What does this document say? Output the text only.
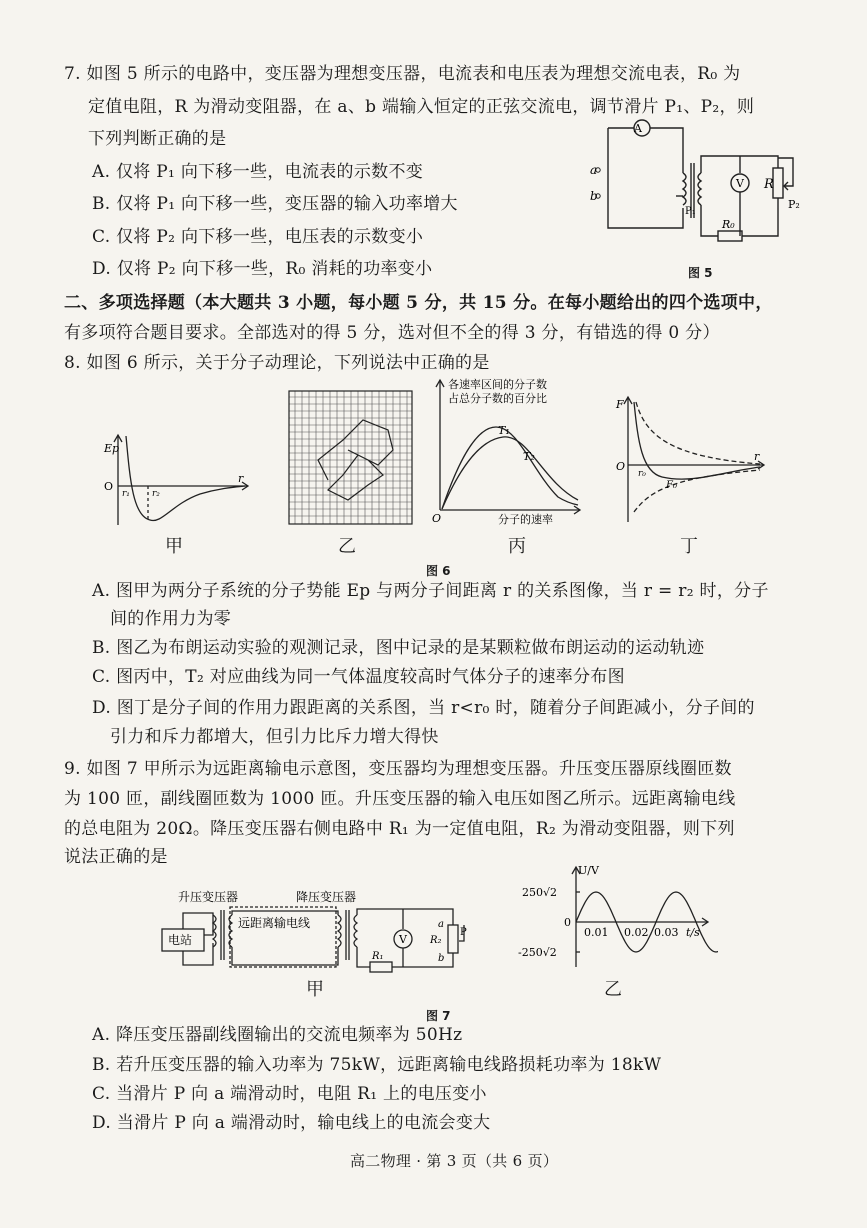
7. 如图 5 所示的电路中，变压器为理想变压器，电流表和电压表为理想交流电表，R₀ 为
定值电阻，R 为滑动变阻器，在 a、b 端输入恒定的正弦交流电，调节滑片 P₁、P₂，则
下列判断正确的是
A. 仅将 P₁ 向下移一些，电流表的示数不变
B. 仅将 P₁ 向下移一些，变压器的输入功率增大
C. 仅将 P₂ 向下移一些，电压表的示数变小
D. 仅将 P₂ 向下移一些，R₀ 消耗的功率变小
A
V
a
b
R
P₂
P₁
R₀
图 5
二、多项选择题（本大题共 3 小题，每小题 5 分，共 15 分。在每小题给出的四个选项中，
有多项符合题目要求。全部选对的得 5 分，选对但不全的得 3 分，有错选的得 0 分）
8. 如图 6 所示，关于分子动理论，下列说法中正确的是
Ep
O
r₁ r₂
r
甲	乙
各速率区间的分子数
占总分子数的百分比
T₁
T₂
O	分子的速率
丙
F
O
r₀
F₀
r
丁
图 6
A. 图甲为两分子系统的分子势能 Ep 与两分子间距离 r 的关系图像，当 r = r₂ 时，分子
间的作用力为零
B. 图乙为布朗运动实验的观测记录，图中记录的是某颗粒做布朗运动的运动轨迹
C. 图丙中，T₂ 对应曲线为同一气体温度较高时气体分子的速率分布图
D. 图丁是分子间的作用力跟距离的关系图，当 r<r₀ 时，随着分子间距减小，分子间的
引力和斥力都增大，但引力比斥力增大得快
9. 如图 7 甲所示为远距离输电示意图，变压器均为理想变压器。升压变压器原线圈匝数
为 100 匝，副线圈匝数为 1000 匝。升压变压器的输入电压如图乙所示。远距离输电线
的总电阻为 20Ω。降压变压器右侧电路中 R₁ 为一定值电阻，R₂ 为滑动变阻器，则下列
说法正确的是
电站
远距离输电线
升压变压器	降压变压器
V
R₁
R₂
a
b
P
甲
U/V
250√2
-250√2
0
0.01 0.02 0.03 t/s
乙
图 7
A. 降压变压器副线圈输出的交流电频率为 50Hz
B. 若升压变压器的输入功率为 75kW，远距离输电线路损耗功率为 18kW
C. 当滑片 P 向 a 端滑动时，电阻 R₁ 上的电压变小
D. 当滑片 P 向 a 端滑动时，输电线上的电流会变大
高二物理 · 第 3 页（共 6 页）
